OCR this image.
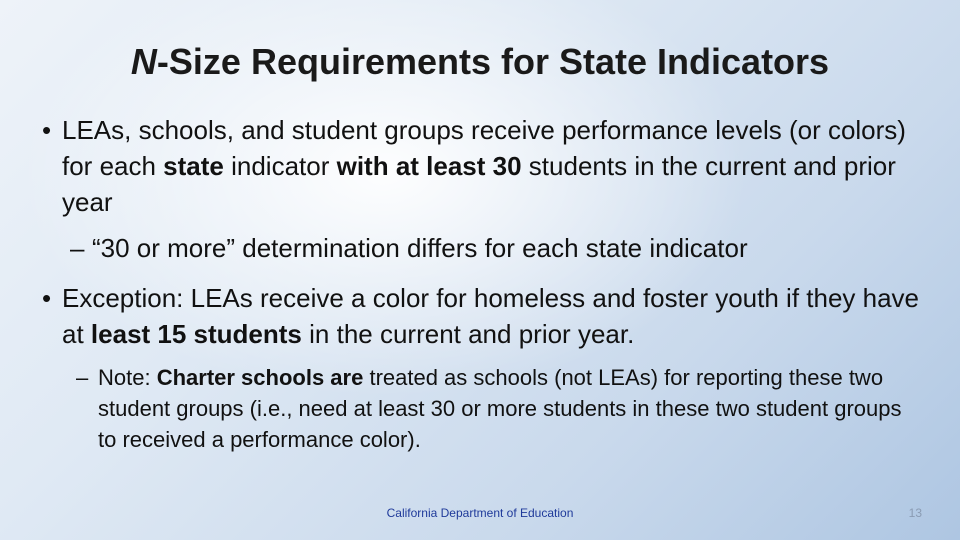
N-Size Requirements for State Indicators
• LEAs, schools, and student groups receive performance levels (or colors) for each state indicator with at least 30 students in the current and prior year
– “30 or more” determination differs for each state indicator
• Exception: LEAs receive a color for homeless and foster youth if they have at least 15 students in the current and prior year.
– Note: Charter schools are treated as schools (not LEAs) for reporting these two student groups (i.e., need at least 30 or more students in these two student groups to received a performance color).
California Department of Education	13
